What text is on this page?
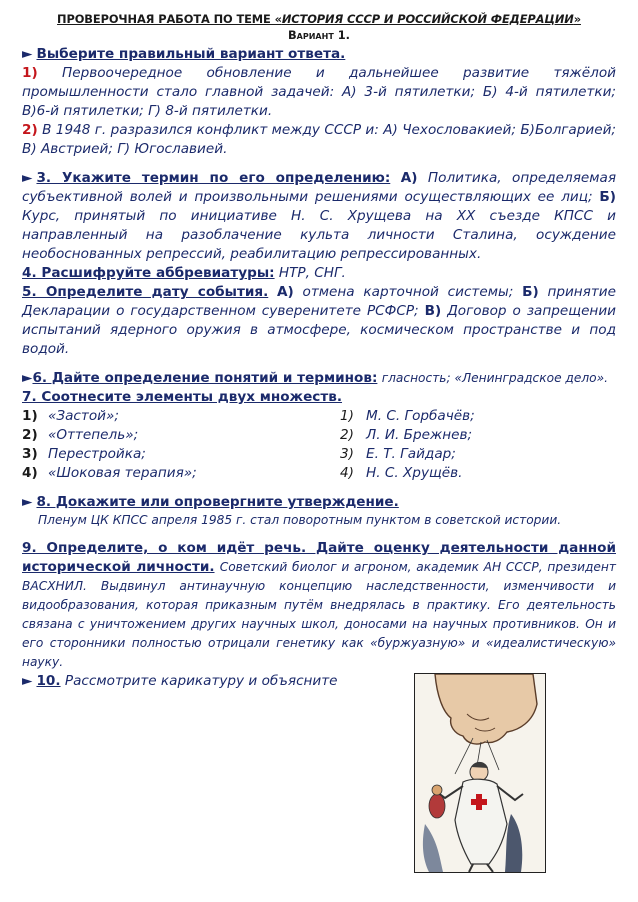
ПРОВЕРОЧНАЯ РАБОТА ПО ТЕМЕ «ИСТОРИЯ СССР И РОССИЙСКОЙ ФЕДЕРАЦИИ»

Вариант 1.

► Выберите правильный вариант ответа.

1) Первоочередное обновление и дальнейшее развитие тяжёлой промышленности стало главной задачей: А) 3-й пятилетки; Б) 4-й пятилетки; В)6-й пятилетки; Г) 8-й пятилетки.

2) В 1948 г. разразился конфликт между СССР и: А) Чехословакией; Б)Болгарией; В) Австрией; Г) Югославией.

► 3. Укажите термин по его определению: А) Политика, определяемая субъективной волей и произвольными решениями осуществляющих ее лиц; Б) Курс, принятый по инициативе Н. С. Хрущева на XX съезде КПСС и направленный на разоблачение культа личности Сталина, осуждение необоснованных репрессий, реабилитацию репрессированных.

4. Расшифруйте аббревиатуры: НТР, СНГ.

5. Определите дату события. А) отмена карточной системы; Б) принятие Декларации о государственном суверенитете РСФСР; В) Договор о запрещении испытаний ядерного оружия в атмосфере, космическом пространстве и под водой.

►6. Дайте определение понятий и терминов: гласность; «Ленинградское дело».

7. Соотнесите элементы двух множеств.

1) «Застой»;
2) «Оттепель»;
3) Перестройка;
4) «Шоковая терапия»;
1) М. С. Горбачёв;
2) Л. И. Брежнев;
3) Е. Т. Гайдар;
4) Н. С. Хрущёв.

► 8. Докажите или опровергните утверждение.

Пленум ЦК КПСС апреля 1985 г. стал поворотным пунктом в советской истории.

9. Определите, о ком идёт речь. Дайте оценку деятельности данной исторической личности. Советский биолог и агроном, академик АН СССР, президент ВАСХНИЛ. Выдвинул антинаучную концепцию наследственности, изменчивости и видообразования, которая приказным путём внедрялась в практику. Его деятельность связана с уничтожением других научных школ, доносами на научных противников. Он и его сторонники полностью отрицали генетику как «буржуазную» и «идеалистическую» науку.

► 10. Рассмотрите карикатуру и объясните
